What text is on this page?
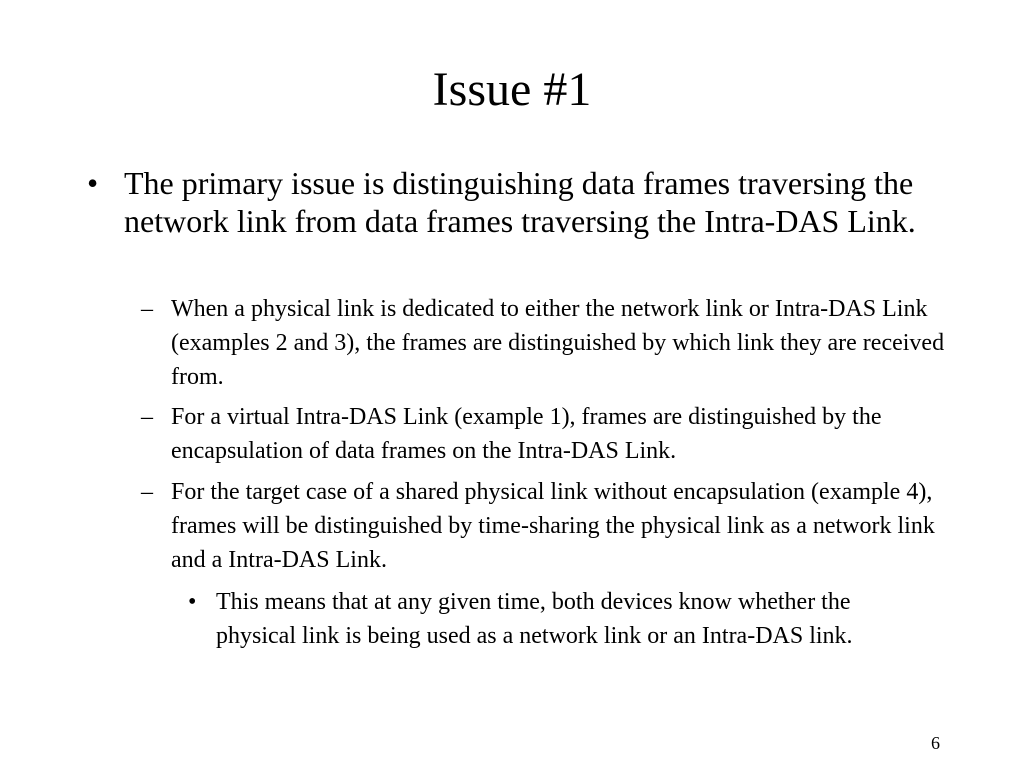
Issue #1
• The primary issue is distinguishing data frames traversing the network link from data frames traversing the Intra-DAS Link.
– When a physical link is dedicated to either the network link or Intra-DAS Link (examples 2 and 3), the frames are distinguished by which link they are received from.
– For a virtual Intra-DAS Link (example 1), frames are distinguished by the encapsulation of data frames on the Intra-DAS Link.
– For the target case of a shared physical link without encapsulation (example 4), frames will be distinguished by time-sharing the physical link as a network link and a Intra-DAS Link.
• This means that at any given time, both devices know whether the physical link is being used as a network link or an Intra-DAS link.
6
